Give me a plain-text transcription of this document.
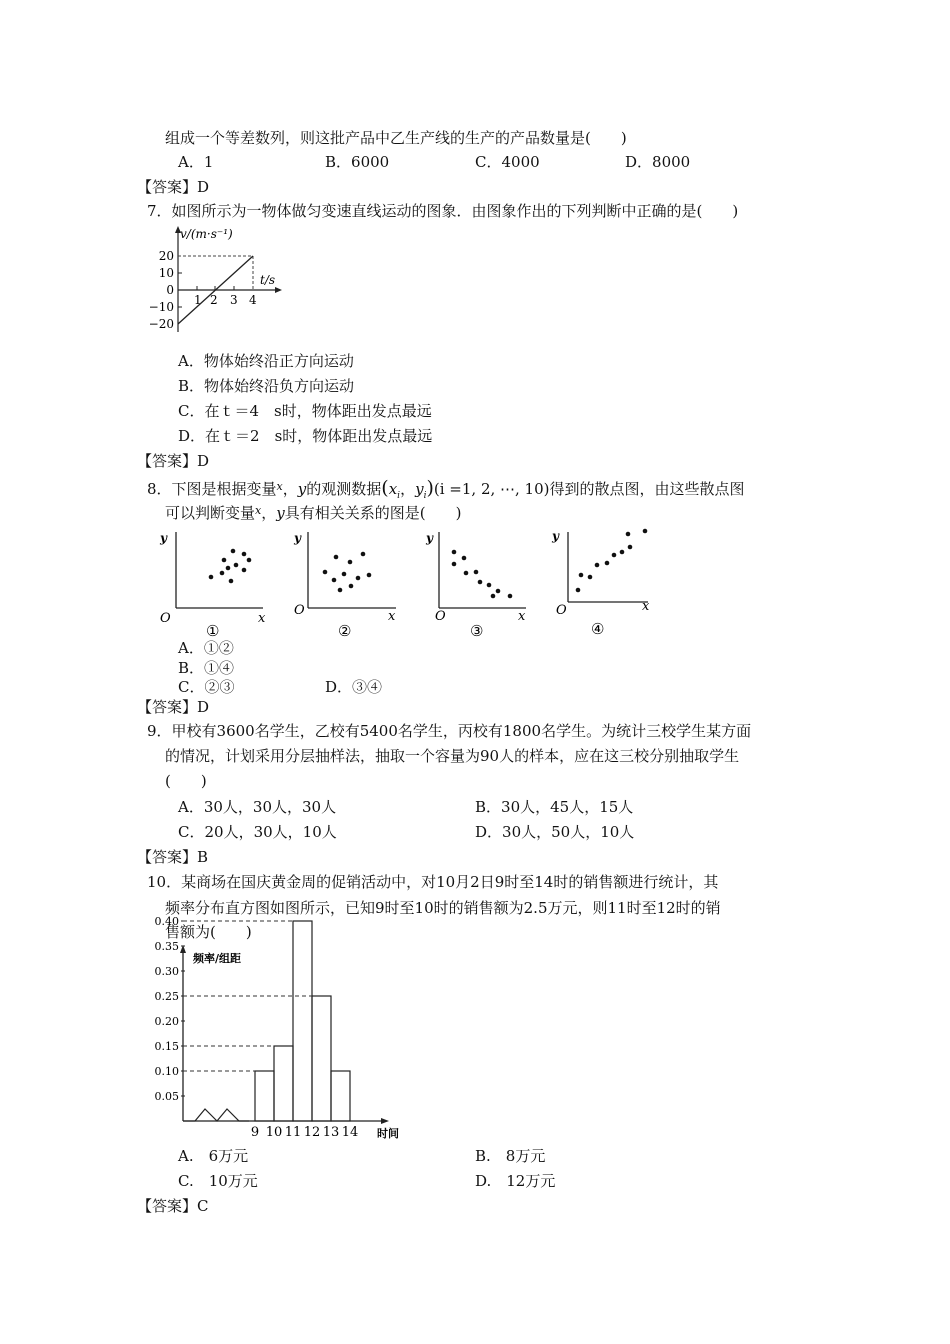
组成一个等差数列，则这批产品中乙生产线的生产的产品数量是(　　)
A．1	B．6000	C．4000	D．8000
【答案】D
7．如图所示为一物体做匀变速直线运动的图象．由图象作出的下列判断中正确的是(　　)
v/(m·s⁻¹)
t/s
20
10
0
−10
−20
1 2 3 4
A．物体始终沿正方向运动
B．物体始终沿负方向运动
C．在ｔ＝4　s时，物体距出发点最远
D．在ｔ＝2　s时，物体距出发点最远
【答案】D
8．下图是根据变量$^x$，y的观测数据($x_i$，$y_i)(i =1$, 2, ⋯, 10)得到的散点图，由这些散点图
可以判断变量$^x$，y具有相关关系的图是(　　)
y
O	x
①
y
O	x
②
y
O	x
③
y
O	x
④
A．①②
B．①④
C．②③	D．③④
【答案】D
9．甲校有3600名学生，乙校有5400名学生，丙校有1800名学生。为统计三校学生某方面
的情况，计划采用分层抽样法，抽取一个容量为90人的样本，应在这三校分别抽取学生
(　　)
A．30人，30人，30人	B．30人，45人，15人
C．20人，30人，10人	D．30人，50人，10人
【答案】B
10．某商场在国庆黄金周的促销活动中，对10月2日9时至14时的销售额进行统计，其
频率分布直方图如图所示，已知9时至10时的销售额为2.5万元，则11时至12时的销
售额为(　　)
0.05
0.10
0.15
0.20
0.25
0.30
0.35
0.40
9 10 11 12 13 14
频率/组距
时间
A.　6万元	B.　8万元
C.　10万元	D.　12万元
【答案】C
